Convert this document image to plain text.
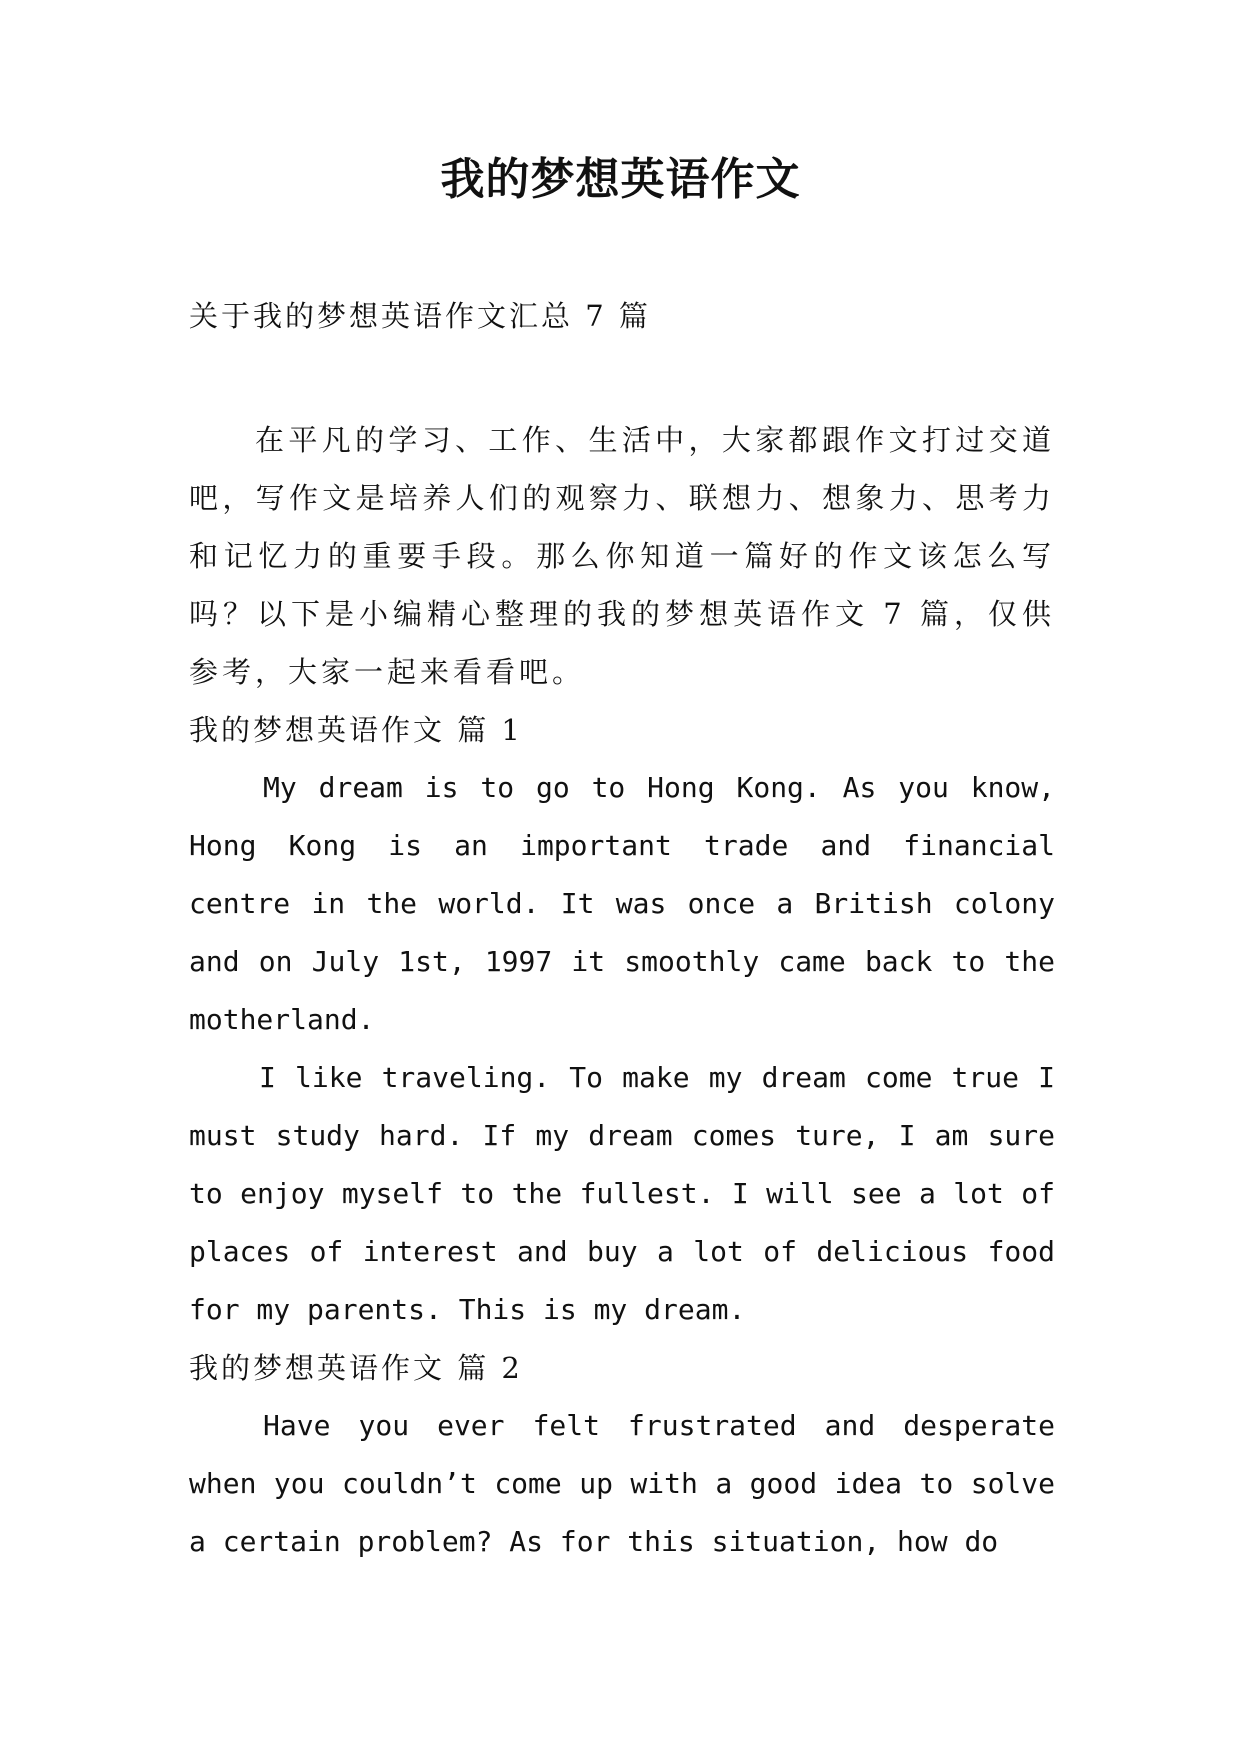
我的梦想英语作文

关于我的梦想英语作文汇总 7 篇

在平凡的学习、工作、生活中，大家都跟作文打过交道吧，写作文是培养人们的观察力、联想力、想象力、思考力和记忆力的重要手段。那么你知道一篇好的作文该怎么写吗？以下是小编精心整理的我的梦想英语作文 7 篇，仅供参考，大家一起来看看吧。

我的梦想英语作文 篇 1

My dream is to go to Hong Kong. As you know, Hong Kong is an important trade and financial centre in the world. It was once a British colony and on July 1st, 1997 it smoothly came back to the motherland.

I like traveling. To make my dream come true I must study hard. If my dream comes ture, I am sure to enjoy myself to the fullest. I will see a lot of places of interest and buy a lot of delicious food for my parents. This is my dream.

我的梦想英语作文 篇 2

Have you ever felt frustrated and desperate when you couldn’t come up with a good idea to solve a certain problem? As for this situation, how do
